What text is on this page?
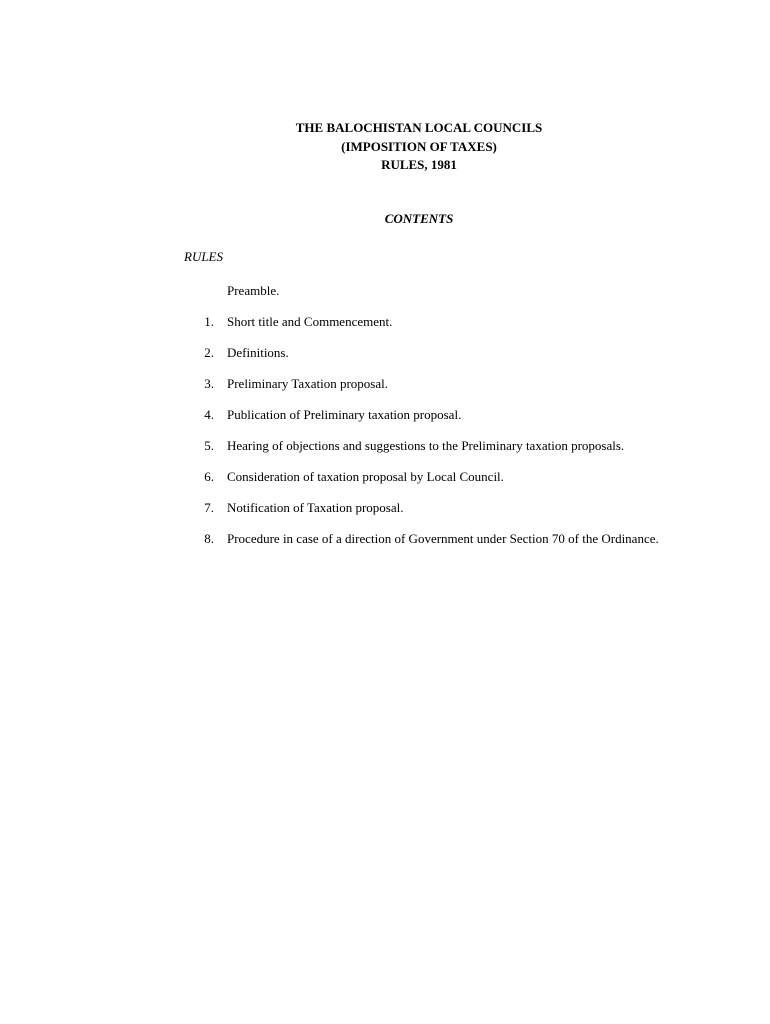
THE BALOCHISTAN LOCAL COUNCILS
(IMPOSITION OF TAXES)
RULES, 1981
CONTENTS
RULES
Preamble.
1. Short title and Commencement.
2. Definitions.
3. Preliminary Taxation proposal.
4. Publication of Preliminary taxation proposal.
5. Hearing of objections and suggestions to the Preliminary taxation proposals.
6. Consideration of taxation proposal by Local Council.
7. Notification of Taxation proposal.
8. Procedure in case of a direction of Government under Section 70 of the Ordinance.
